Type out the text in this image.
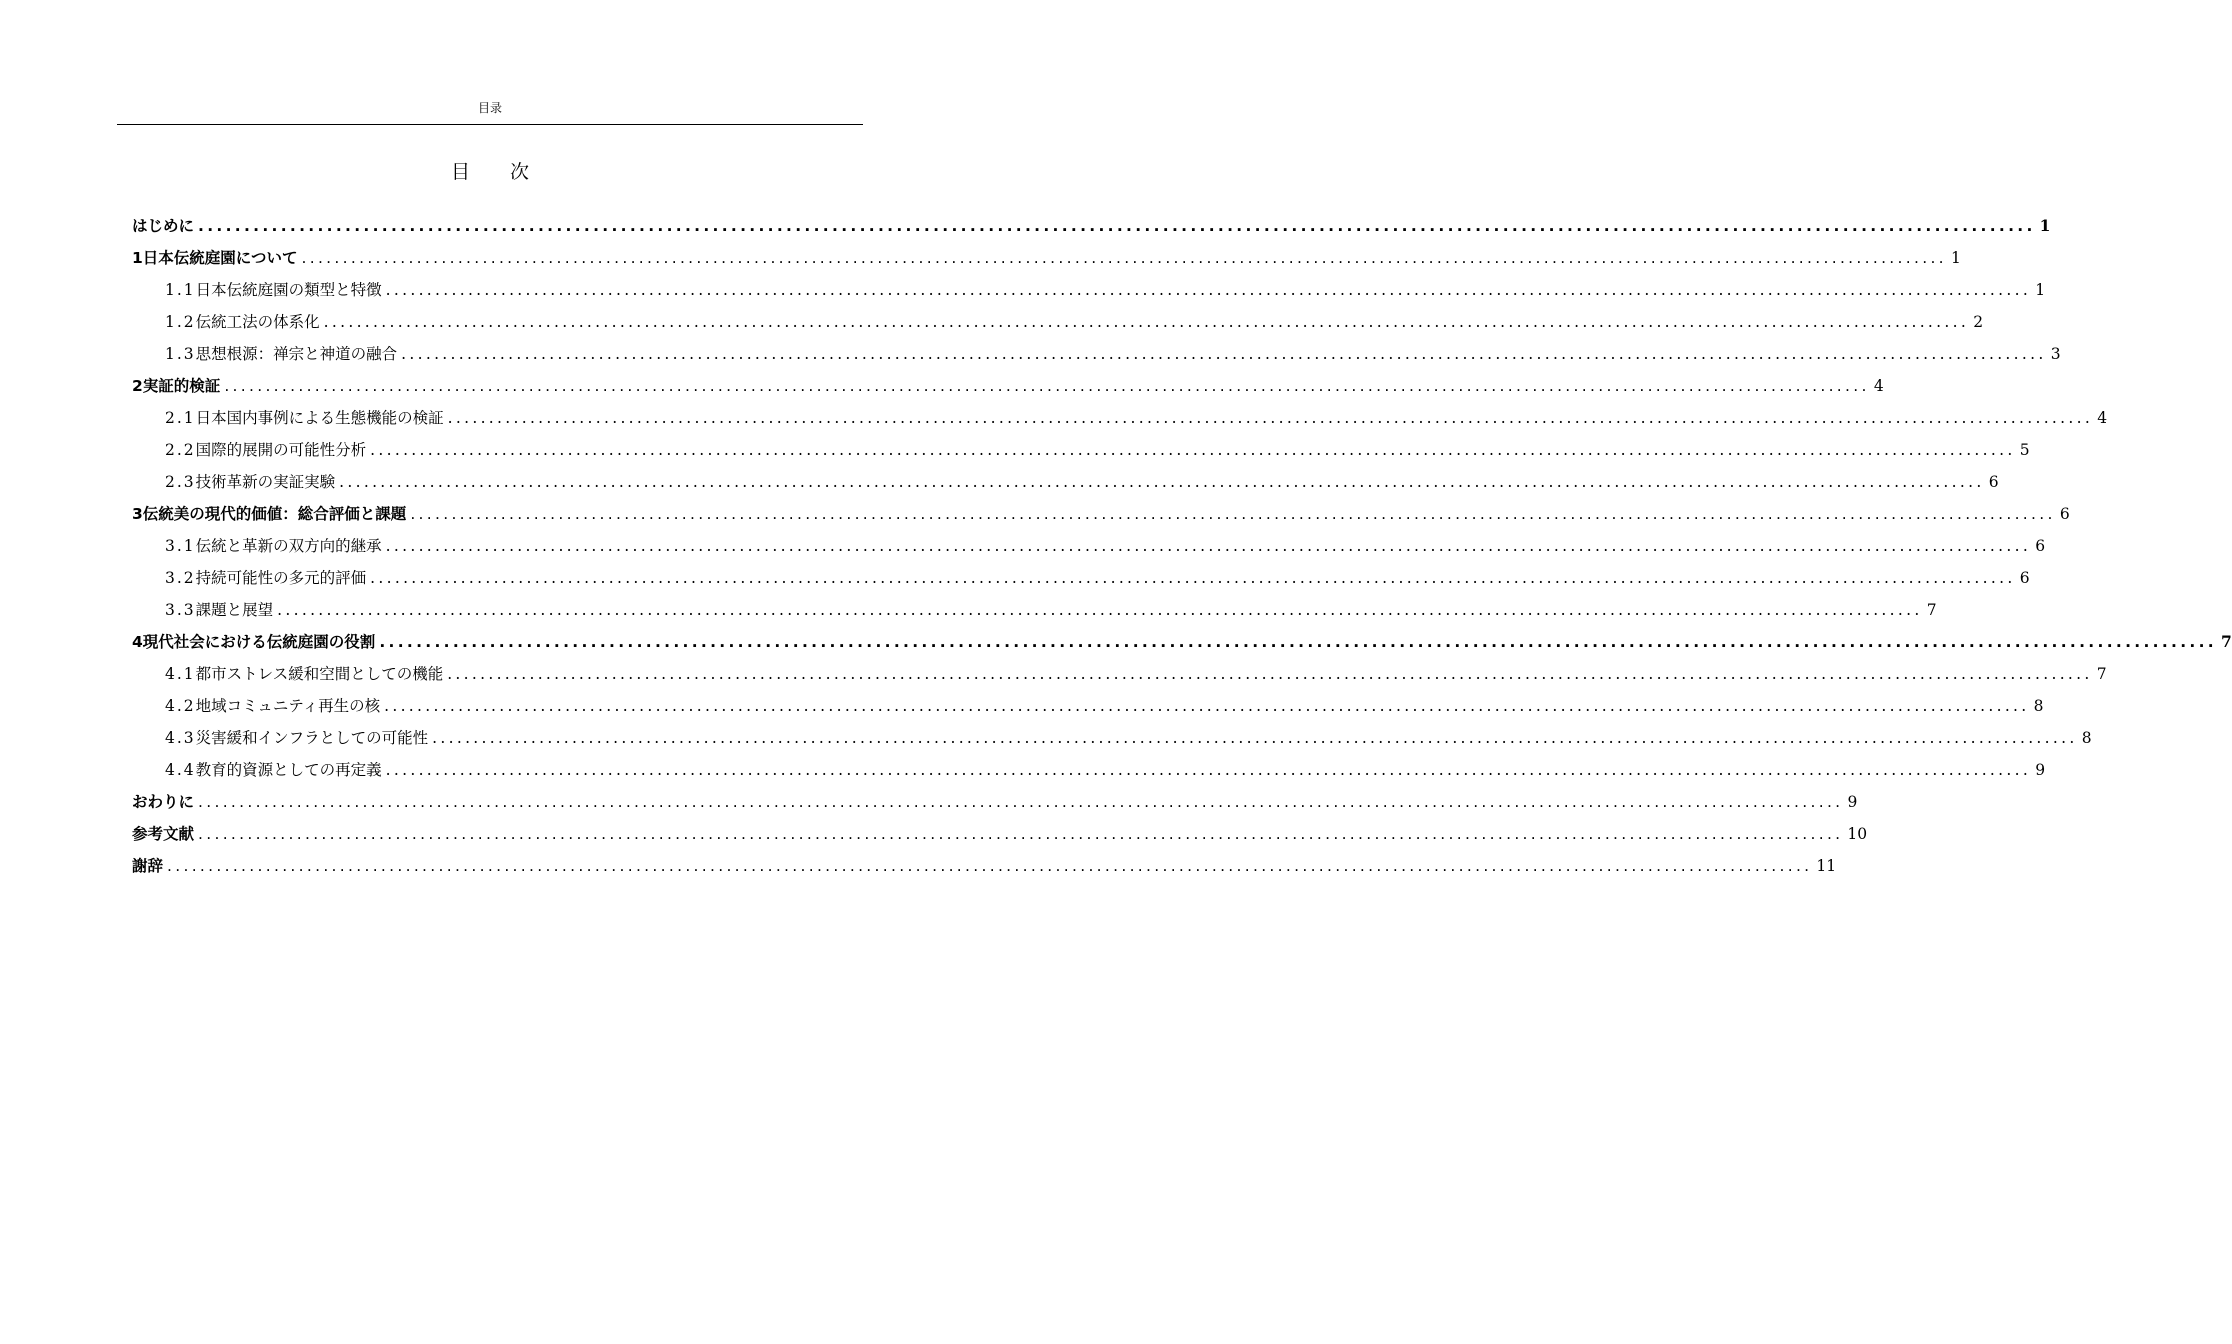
目录
目次
はじめに ........................................................................................................................................................................................................ 1
1 日本伝統庭園について ........................................................................................................................................................................................................ 1
1.1 日本伝統庭園の類型と特徴 ........................................................................................................................................................................................................ 1
1.2 伝統工法の体系化 ........................................................................................................................................................................................................ 2
1.3 思想根源：禅宗と神道の融合 ........................................................................................................................................................................................................ 3
2 実証的検証 ........................................................................................................................................................................................................ 4
2.1 日本国内事例による生態機能の検証 ........................................................................................................................................................................................................ 4
2.2 国際的展開の可能性分析 ........................................................................................................................................................................................................ 5
2.3 技術革新の実証実験 ........................................................................................................................................................................................................ 6
3 伝統美の現代的価値：総合評価と課題 ........................................................................................................................................................................................................ 6
3.1 伝統と革新の双方向的継承 ........................................................................................................................................................................................................ 6
3.2 持続可能性の多元的評価 ........................................................................................................................................................................................................ 6
3.3 課題と展望 ........................................................................................................................................................................................................ 7
4 現代社会における伝統庭園の役割 ........................................................................................................................................................................................................ 7
4.1 都市ストレス緩和空間としての機能 ........................................................................................................................................................................................................ 7
4.2 地域コミュニティ再生の核 ........................................................................................................................................................................................................ 8
4.3 災害緩和インフラとしての可能性 ........................................................................................................................................................................................................ 8
4.4 教育的資源としての再定義 ........................................................................................................................................................................................................ 9
おわりに ........................................................................................................................................................................................................ 9
参考文献 ........................................................................................................................................................................................................ 10
謝辞 ........................................................................................................................................................................................................ 11
